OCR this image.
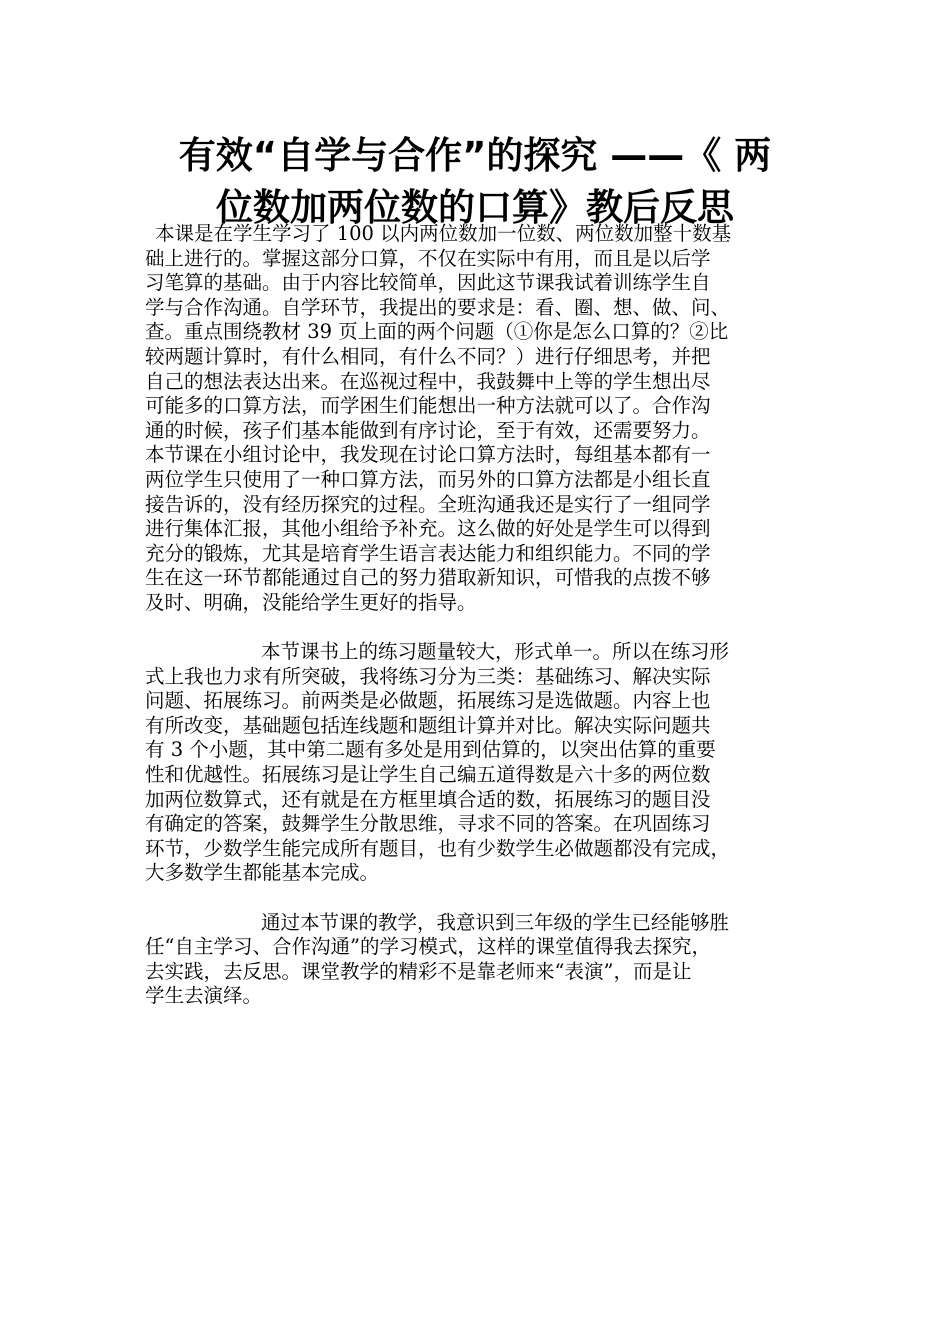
有效“自学与合作”的探究 ——《 两
位数加两位数的口算》教后反思
本课是在学生学习了 100 以内两位数加一位数、两位数加整十数基
础上进行的。掌握这部分口算，不仅在实际中有用，而且是以后学
习笔算的基础。由于内容比较简单，因此这节课我试着训练学生自
学与合作沟通。自学环节，我提出的要求是：看、圈、想、做、问、
查。重点围绕教材 39 页上面的两个问题（①你是怎么口算的？②比
较两题计算时，有什么相同，有什么不同？）进行仔细思考，并把
自己的想法表达出来。在巡视过程中，我鼓舞中上等的学生想出尽
可能多的口算方法，而学困生们能想出一种方法就可以了。合作沟
通的时候，孩子们基本能做到有序讨论，至于有效，还需要努力。
本节课在小组讨论中，我发现在讨论口算方法时，每组基本都有一
两位学生只使用了一种口算方法，而另外的口算方法都是小组长直
接告诉的，没有经历探究的过程。全班沟通我还是实行了一组同学
进行集体汇报，其他小组给予补充。这么做的好处是学生可以得到
充分的锻炼，尤其是培育学生语言表达能力和组织能力。不同的学
生在这一环节都能通过自己的努力猎取新知识，可惜我的点拨不够
及时、明确，没能给学生更好的指导。
本节课书上的练习题量较大，形式单一。所以在练习形
式上我也力求有所突破，我将练习分为三类：基础练习、解决实际
问题、拓展练习。前两类是必做题，拓展练习是选做题。内容上也
有所改变，基础题包括连线题和题组计算并对比。解决实际问题共
有 3 个小题，其中第二题有多处是用到估算的，以突出估算的重要
性和优越性。拓展练习是让学生自己编五道得数是六十多的两位数
加两位数算式，还有就是在方框里填合适的数，拓展练习的题目没
有确定的答案，鼓舞学生分散思维，寻求不同的答案。在巩固练习
环节，少数学生能完成所有题目，也有少数学生必做题都没有完成，
大多数学生都能基本完成。
通过本节课的教学，我意识到三年级的学生已经能够胜
任“自主学习、合作沟通”的学习模式，这样的课堂值得我去探究，
去实践，去反思。课堂教学的精彩不是靠老师来“表演”，而是让
学生去演绎。
